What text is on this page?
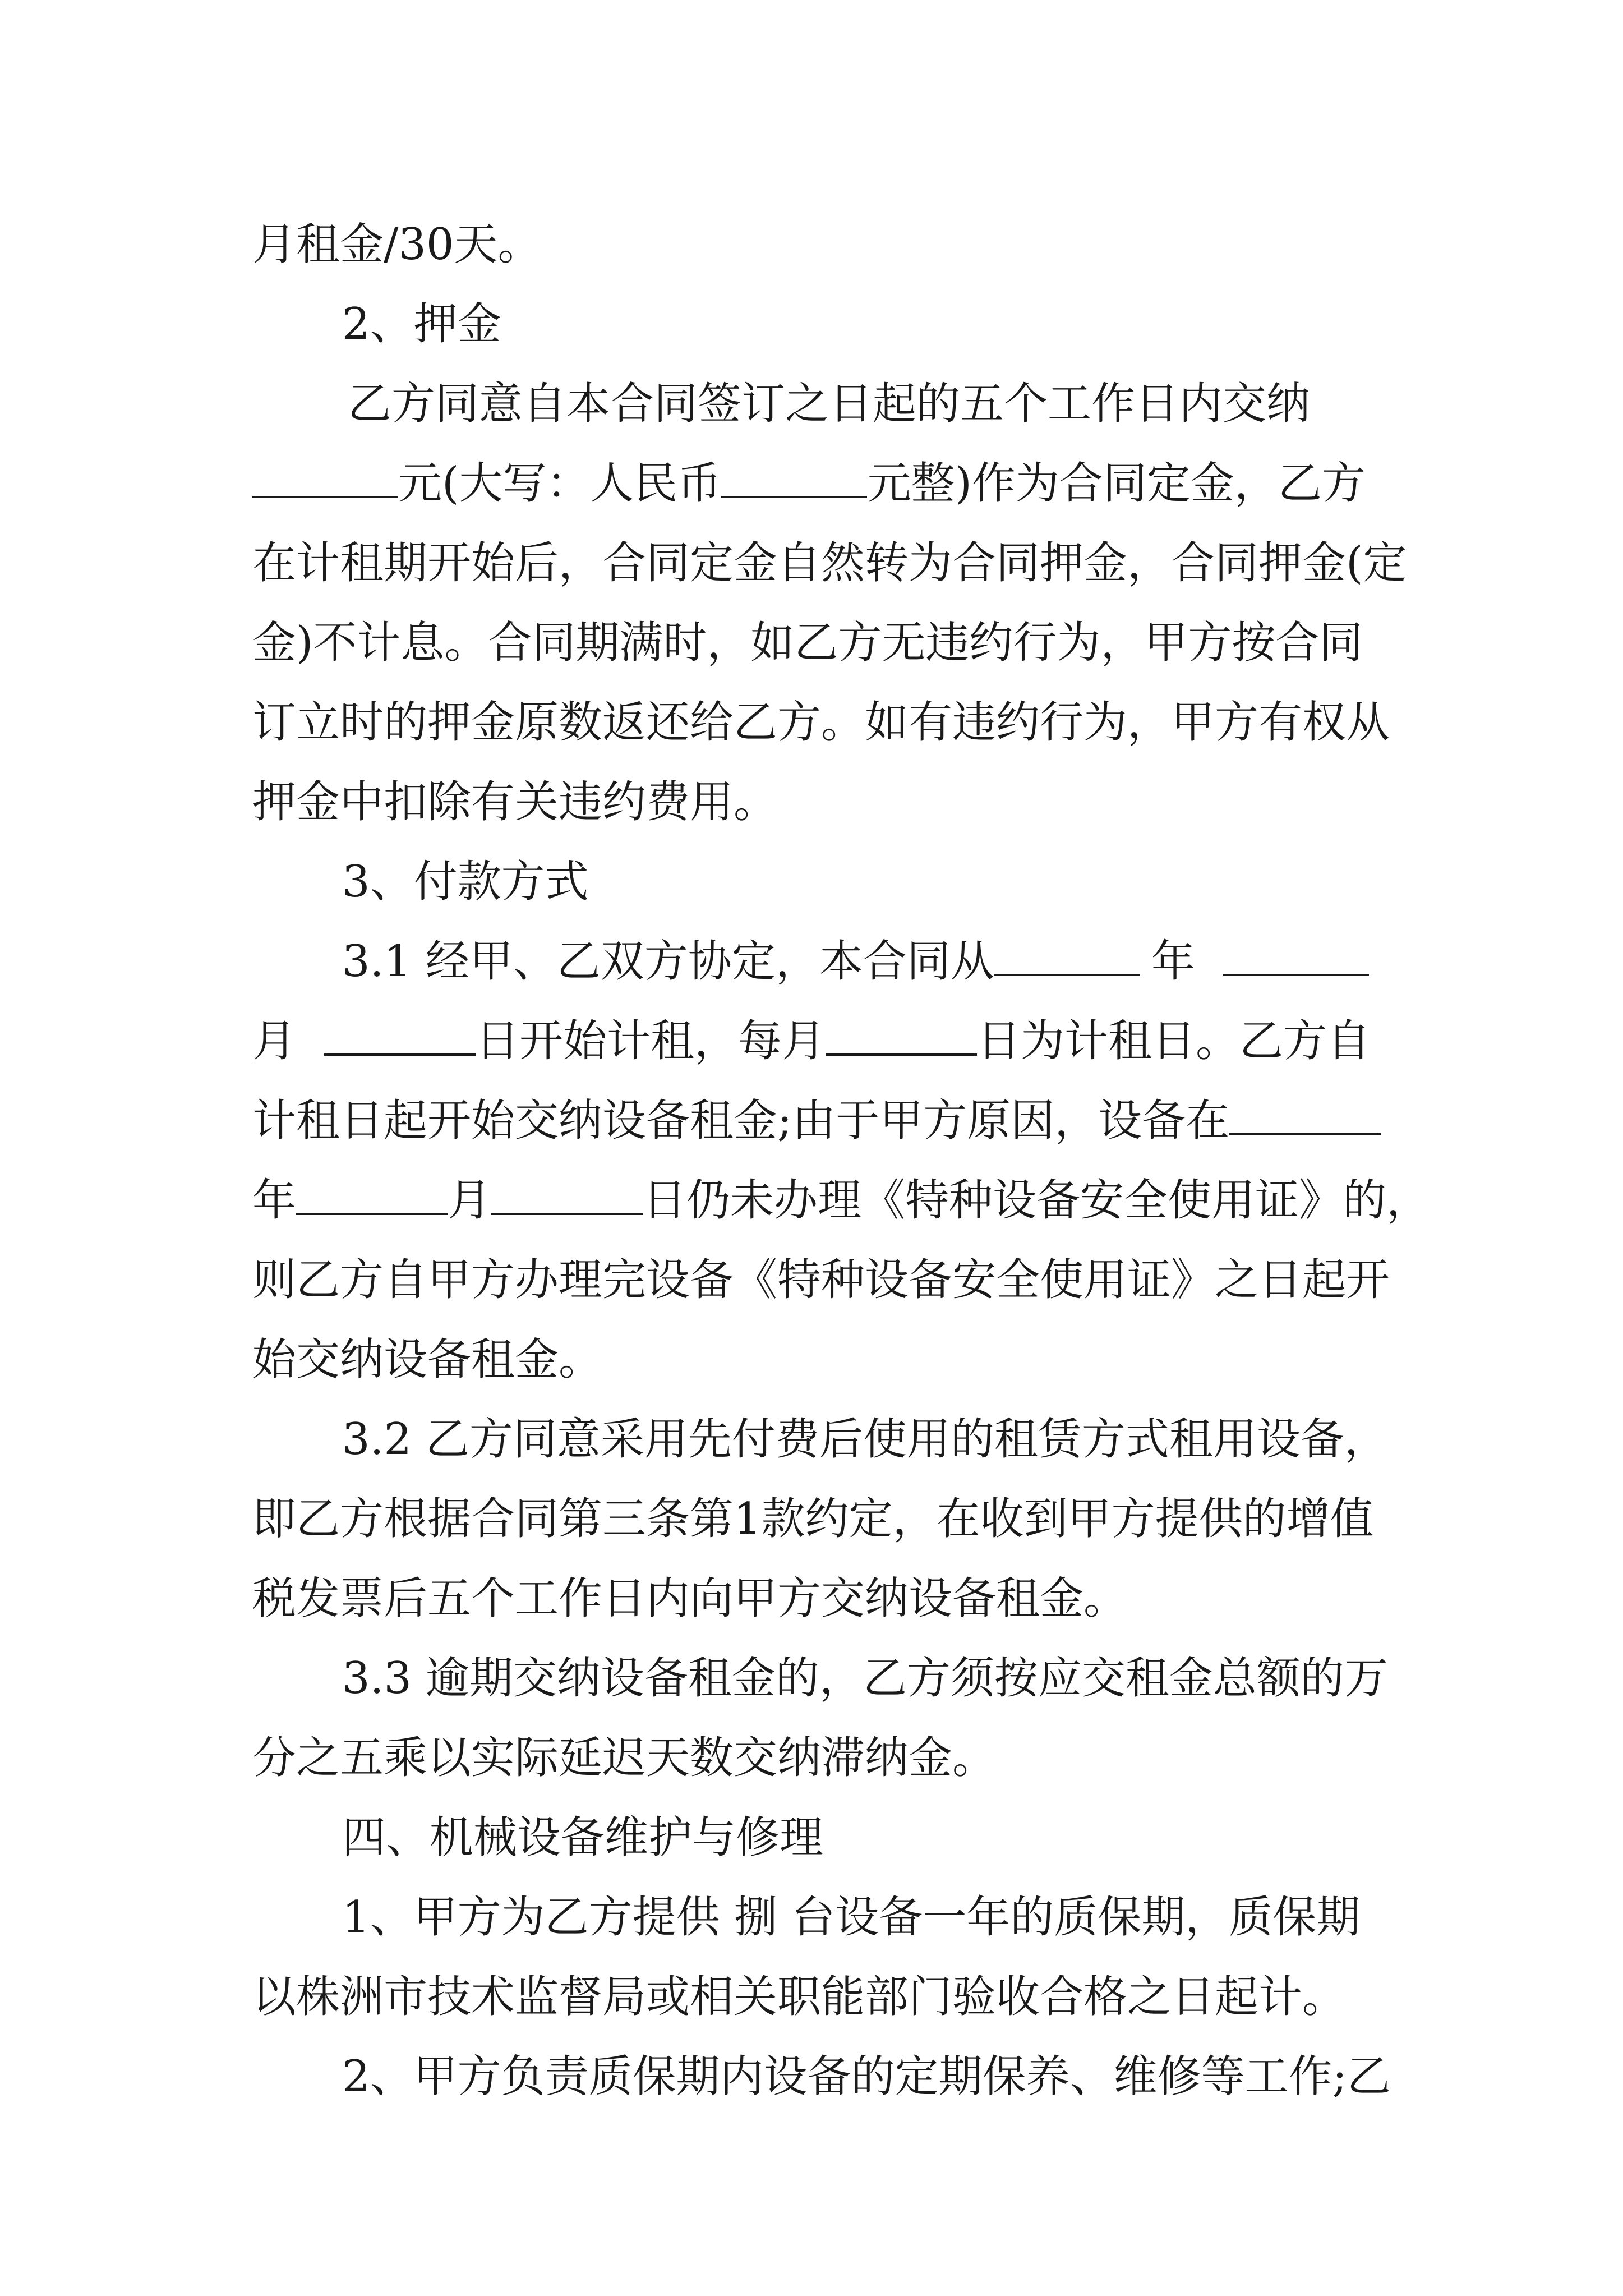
月租金/30天。
2、押金
乙方同意自本合同签订之日起的五个工作日内交纳
元(大写：人民币	元整)作为合同定金，乙方
在计租期开始后，合同定金自然转为合同押金，合同押金(定
金)不计息。合同期满时，如乙方无违约行为，甲方按合同
订立时的押金原数返还给乙方。如有违约行为，甲方有权从
押金中扣除有关违约费用。
3、付款方式
3.1 经甲、乙双方协定，本合同从	年
月	日开始计租，每月	日为计租日。乙方自
计租日起开始交纳设备租金;由于甲方原因，设备在
年	月	日仍未办理《特种设备安全使用证》的，
则乙方自甲方办理完设备《特种设备安全使用证》之日起开
始交纳设备租金。
3.2 乙方同意采用先付费后使用的租赁方式租用设备，
即乙方根据合同第三条第1款约定，在收到甲方提供的增值
税发票后五个工作日内向甲方交纳设备租金。
3.3 逾期交纳设备租金的，乙方须按应交租金总额的万
分之五乘以实际延迟天数交纳滞纳金。
四、机械设备维护与修理
1、甲方为乙方提供 捌 台设备一年的质保期，质保期
以株洲市技术监督局或相关职能部门验收合格之日起计。
2、甲方负责质保期内设备的定期保养、维修等工作;乙
